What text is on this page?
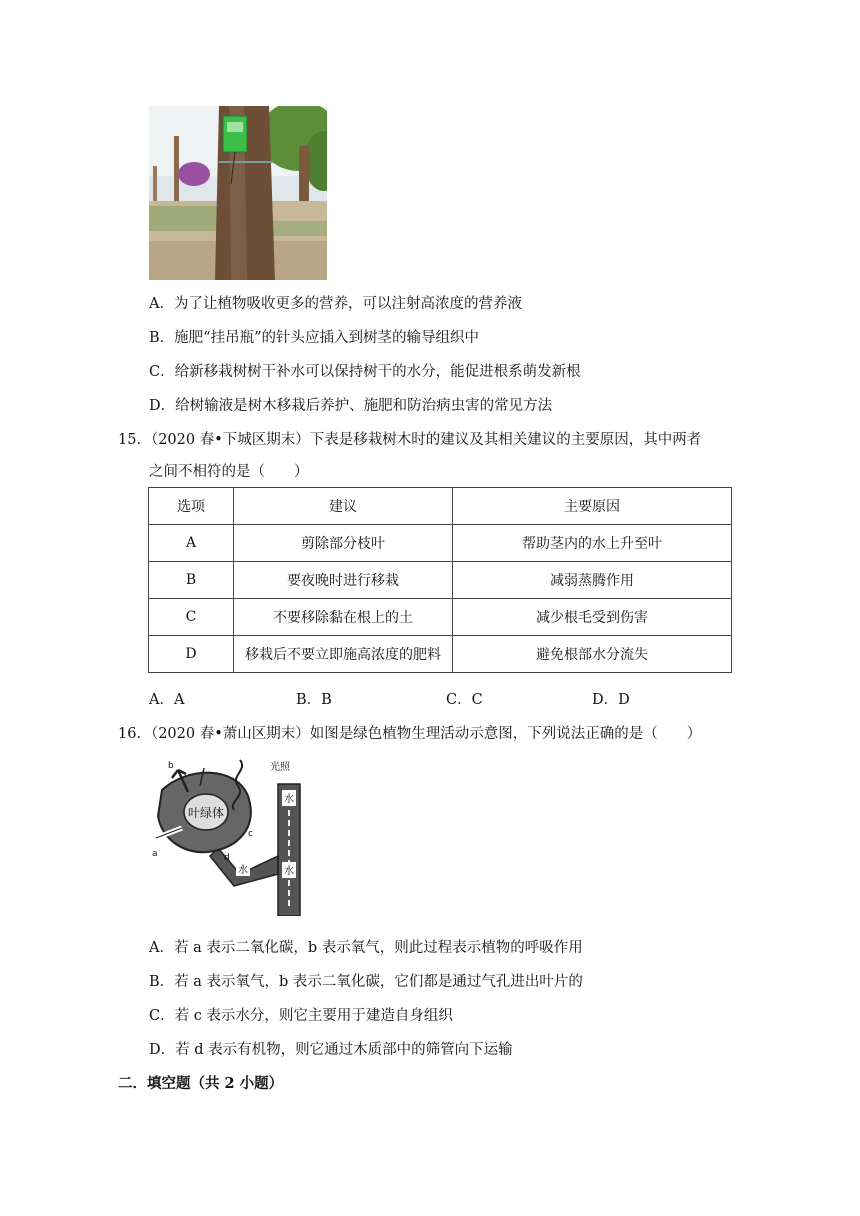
A．为了让植物吸收更多的营养，可以注射高浓度的营养液
B．施肥“挂吊瓶”的针头应插入到树茎的输导组织中
C．给新移栽树树干补水可以保持树干的水分，能促进根系萌发新根
D．给树输液是树木移栽后养护、施肥和防治病虫害的常见方法
15．（2020 春•下城区期末）下表是移栽树木时的建议及其相关建议的主要原因，其中两者
之间不相符的是（　　）
选项	建议	主要原因
A	剪除部分枝叶	帮助茎内的水上升至叶
B	要夜晚时进行移栽	减弱蒸腾作用
C	不要移除黏在根上的土	减少根毛受到伤害
D	移栽后不要立即施高浓度的肥料	避免根部水分流失
A．A	B．B	C．C	D．D
16．（2020 春•萧山区期末）如图是绿色植物生理活动示意图，下列说法正确的是（　　）
叶绿体
光照
水
水
水
a
b
c
d
A．若 a 表示二氧化碳，b 表示氧气，则此过程表示植物的呼吸作用
B．若 a 表示氧气，b 表示二氧化碳，它们都是通过气孔进出叶片的
C．若 c 表示水分，则它主要用于建造自身组织
D．若 d 表示有机物，则它通过木质部中的筛管向下运输
二．填空题（共 2 小题）
